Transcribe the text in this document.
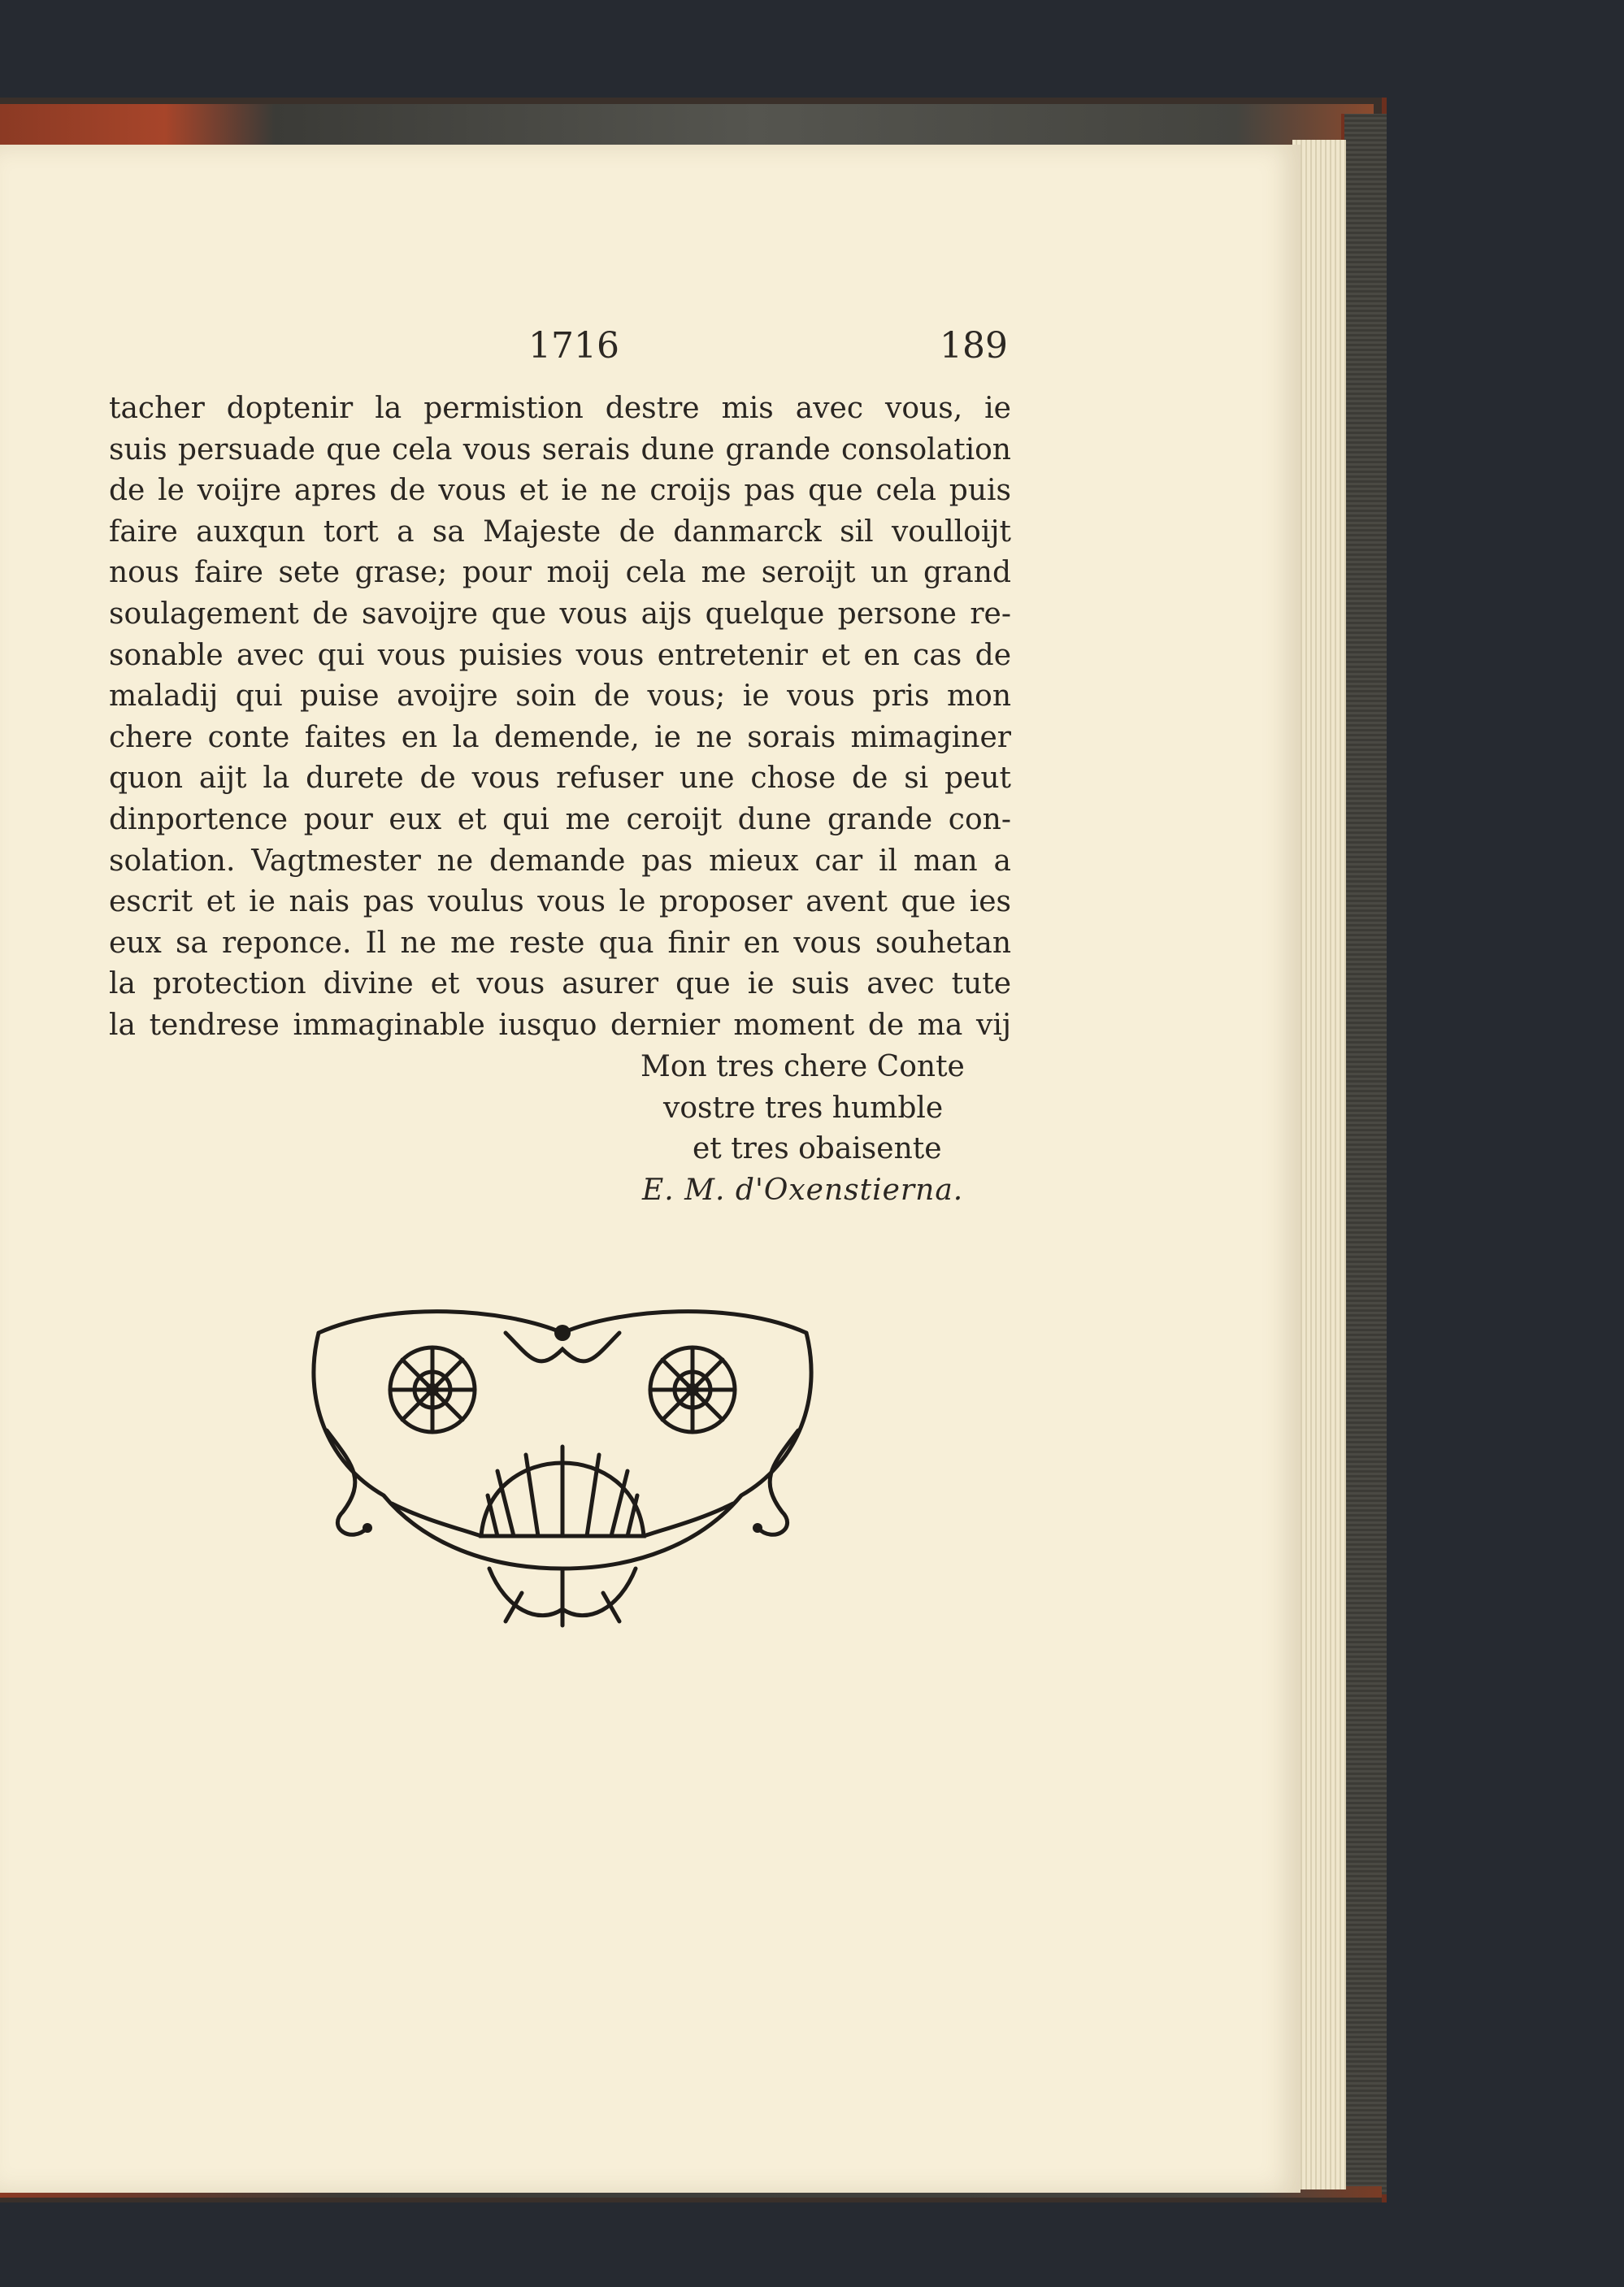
1716	189
tacher doptenir la permistion destre mis avec vous, ie
suis persuade que cela vous serais dune grande consolation
de le voijre apres de vous et ie ne croijs pas que cela puis
faire auxqun tort a sa Majeste de danmarck sil voulloijt
nous faire sete grase; pour moij cela me seroijt un grand
soulagement de savoijre que vous aijs quelque persone re-
sonable avec qui vous puisies vous entretenir et en cas de
maladij qui puise avoijre soin de vous; ie vous pris mon
chere conte faites en la demende, ie ne sorais mimaginer
quon aijt la durete de vous refuser une chose de si peut
dinportence pour eux et qui me ceroijt dune grande con-
solation. Vagtmester ne demande pas mieux car il man a
escrit et ie nais pas voulus vous le proposer avent que ies
eux sa reponce. Il ne me reste qua finir en vous souhetan
la protection divine et vous asurer que ie suis avec tute
la tendrese immaginable iusquo dernier moment de ma vij
Mon tres chere Conte
vostre tres humble
et tres obaisente
E. M. d'Oxenstierna.
